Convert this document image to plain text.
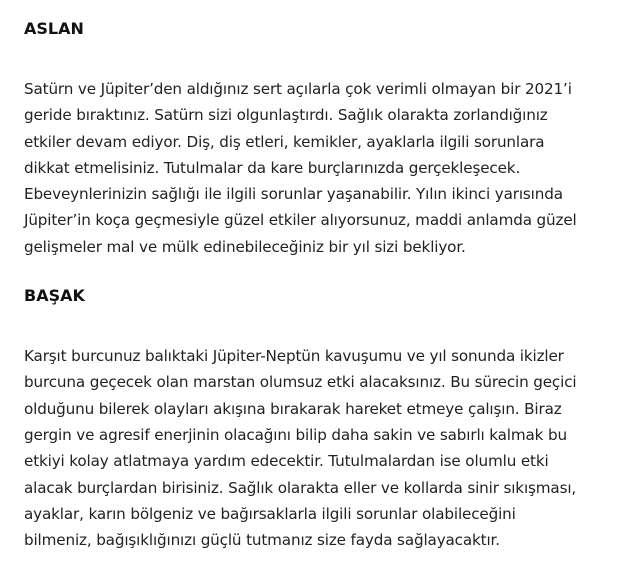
ASLAN

Satürn ve Jüpiter’den aldığınız sert açılarla çok verimli olmayan bir 2021’i
geride bıraktınız. Satürn sizi olgunlaştırdı. Sağlık olarakta zorlandığınız
etkiler devam ediyor. Diş, diş etleri, kemikler, ayaklarla ilgili sorunlara
dikkat etmelisiniz. Tutulmalar da kare burçlarınızda gerçekleşecek.
Ebeveynlerinizin sağlığı ile ilgili sorunlar yaşanabilir. Yılın ikinci yarısında
Jüpiter’in koça geçmesiyle güzel etkiler alıyorsunuz, maddi anlamda güzel
gelişmeler mal ve mülk edinebileceğiniz bir yıl sizi bekliyor.

BAŞAK

Karşıt burcunuz balıktaki Jüpiter-Neptün kavuşumu ve yıl sonunda ikizler
burcuna geçecek olan marstan olumsuz etki alacaksınız. Bu sürecin geçici
olduğunu bilerek olayları akışına bırakarak hareket etmeye çalışın. Biraz
gergin ve agresif enerjinin olacağını bilip daha sakin ve sabırlı kalmak bu
etkiyi kolay atlatmaya yardım edecektir. Tutulmalardan ise olumlu etki
alacak burçlardan birisiniz. Sağlık olarakta eller ve kollarda sinir sıkışması,
ayaklar, karın bölgeniz ve bağırsaklarla ilgili sorunlar olabileceğini
bilmeniz, bağışıklığınızı güçlü tutmanız size fayda sağlayacaktır.
